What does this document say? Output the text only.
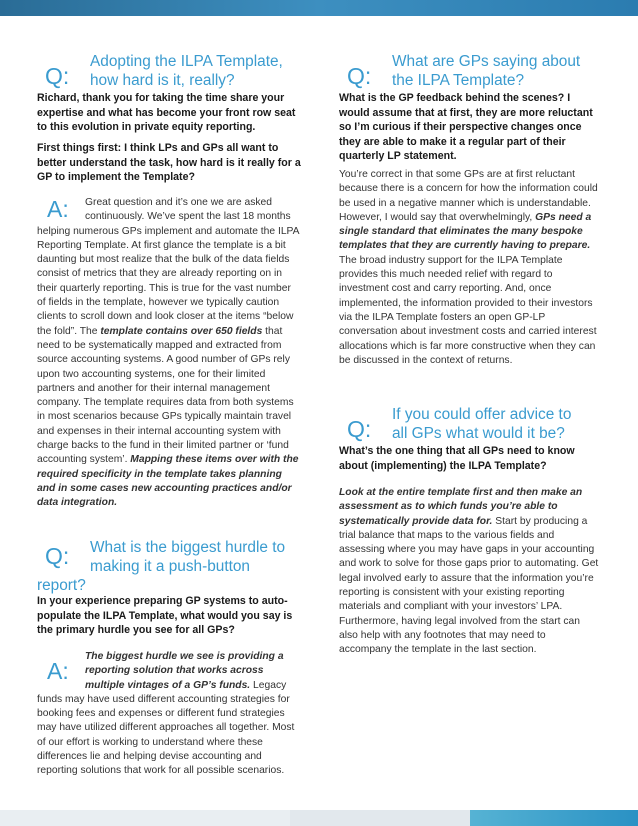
Q:
Adopting the ILPA Template,
how hard is it, really?

Richard, thank you for taking the time share your expertise and what has become your front row seat to this evolution in private equity reporting.

First things first: I think LPs and GPs all want to better understand the task, how hard is it really for a GP to implement the Template?

A:	Great question and it’s one we are asked continuously. We’ve spent the last 18 months helping numerous GPs implement and automate the ILPA Reporting Template. At first glance the template is a bit daunting but most realize that the bulk of the data fields consist of metrics that they are already reporting on in their quarterly reporting. This is true for the vast number of fields in the template, however we typically caution clients to scroll down and look closer at the items “below the fold”. The template contains over 650 fields that need to be systematically mapped and extracted from source accounting systems. A good number of GPs rely upon two accounting systems, one for their limited partners and another for their internal management company. The template requires data from both systems in most scenarios because GPs typically maintain travel and expenses in their internal accounting system with charge backs to the fund in their limited partner or ‘fund accounting system’. Mapping these items over with the required specificity in the template takes planning and in some cases new accounting practices and/or data integration.

Q:	What is the biggest hurdle to
making it a push-button
report?

In your experience preparing GP systems to auto-populate the ILPA Template, what would you say is the primary hurdle you see for all GPs?

A:

The biggest hurdle we see is providing a reporting solution that works across multiple vintages of a GP’s funds. Legacy funds may have used different accounting strategies for booking fees and expenses or different fund strategies may have utilized different approaches all together. Most of our effort is working to understand where these differences lie and helping devise accounting and reporting solutions that work for all possible scenarios.

Q:
What are GPs saying about
the ILPA Template?

What is the GP feedback behind the scenes? I would assume that at first, they are more reluctant so I’m curious if their perspective changes once they are able to make it a regular part of their quarterly LP statement.

You’re correct in that some GPs are at first reluctant because there is a concern for how the information could be used in a negative manner which is understandable. However, I would say that overwhelmingly, GPs need a single standard that eliminates the many bespoke templates that they are currently having to prepare. The broad industry support for the ILPA Template provides this much needed relief with regard to investment cost and carry reporting. And, once implemented, the information provided to their investors via the ILPA Template fosters an open GP-LP conversation about investment costs and carried interest allocations which is far more constructive when they can be discussed in the context of returns.

Q:
If you could offer advice to
all GPs what would it be?

What’s the one thing that all GPs need to know about (implementing) the ILPA Template?

Look at the entire template first and then make an assessment as to which funds you’re able to systematically provide data for. Start by producing a trial balance that maps to the various fields and assessing where you may have gaps in your accounting and work to solve for those gaps prior to automating. Get legal involved early to assure that the information you’re reporting is consistent with your existing reporting materials and compliant with your investors’ LPA. Furthermore, having legal involved from the start can also help with any footnotes that may need to accompany the template in the last section.
